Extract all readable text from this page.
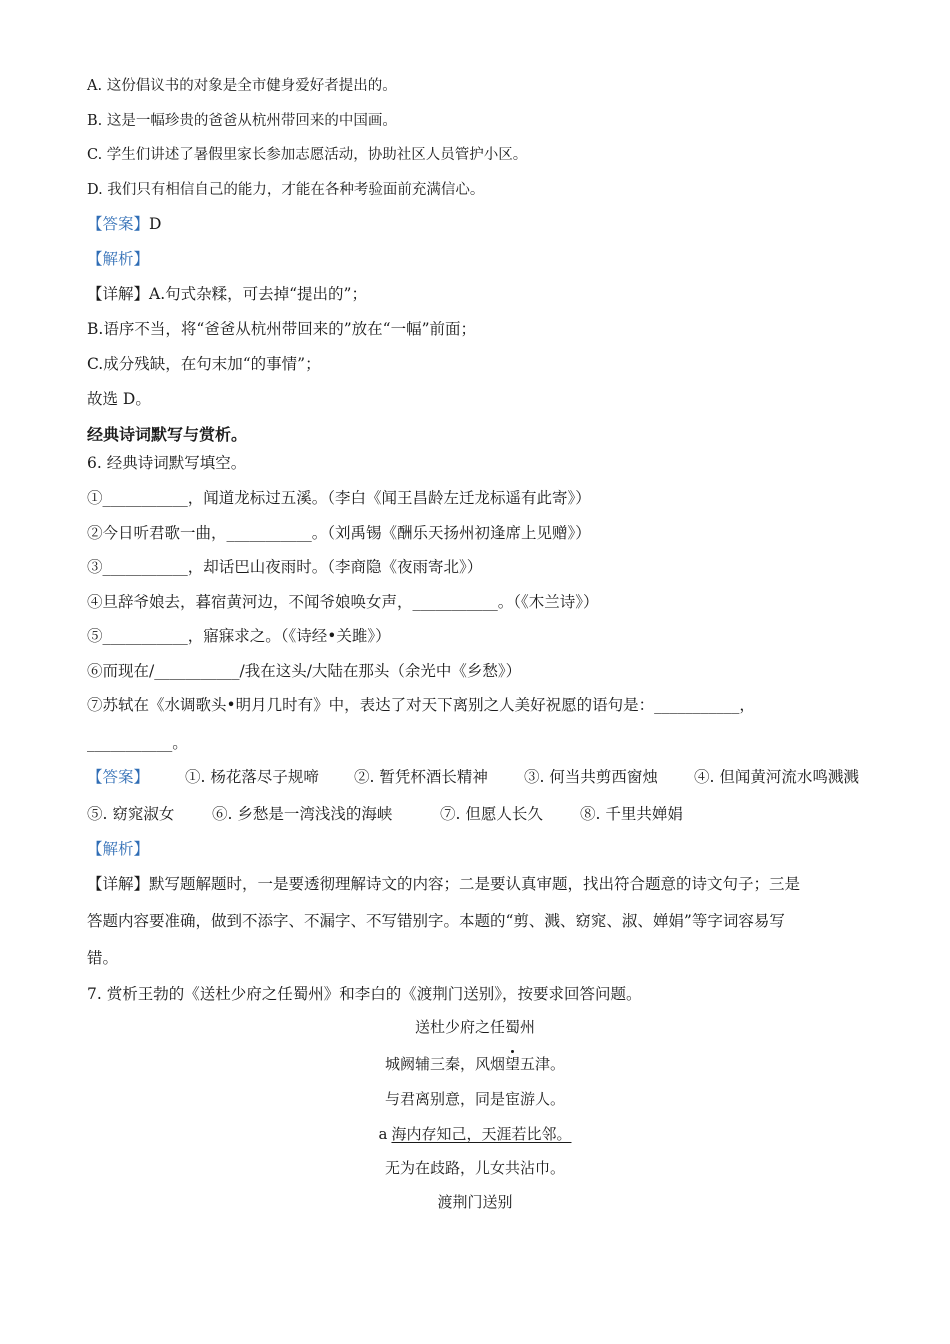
A. 这份倡议书的对象是全市健身爱好者提出的。
B. 这是一幅珍贵的爸爸从杭州带回来的中国画。
C. 学生们讲述了暑假里家长参加志愿活动，协助社区人员管护小区。
D. 我们只有相信自己的能力，才能在各种考验面前充满信心。
【答案】D
【解析】
【详解】A.句式杂糅，可去掉“提出的”；
B.语序不当，将“爸爸从杭州带回来的”放在“一幅”前面；
C.成分残缺，在句末加“的事情”；
故选 D。
经典诗词默写与赏析。
6. 经典诗词默写填空。
①___________，闻道龙标过五溪。（李白《闻王昌龄左迁龙标遥有此寄》）
②今日听君歌一曲，___________。（刘禹锡《酬乐天扬州初逢席上见赠》）
③___________，却话巴山夜雨时。（李商隐《夜雨寄北》）
④旦辞爷娘去，暮宿黄河边，不闻爷娘唤女声，___________。（《木兰诗》）
⑤___________，寤寐求之。（《诗经•关雎》）
⑥而现在/___________/我在这头/大陆在那头（余光中《乡愁》）
⑦苏轼在《水调歌头•明月几时有》中，表达了对天下离别之人美好祝愿的语句是：___________，
___________。
【答案】 ①. 杨花落尽子规啼 ②. 暂凭杯酒长精神 ③. 何当共剪西窗烛 ④. 但闻黄河流水鸣溅溅
⑤. 窈窕淑女 ⑥. 乡愁是一湾浅浅的海峡	⑦. 但愿人长久 ⑧. 千里共婵娟
【解析】
【详解】默写题解题时，一是要透彻理解诗文的内容；二是要认真审题，找出符合题意的诗文句子；三是
答题内容要准确，做到不添字、不漏字、不写错别字。本题的“剪、溅、窈窕、淑、婵娟”等字词容易写
错。
7. 赏析王勃的《送杜少府之任蜀州》和李白的《渡荆门送别》，按要求回答问题。
送杜少府之任蜀州
城阙辅三秦，风烟望五津。
与君离别意，同是宦游人。
a 海内存知己，天涯若比邻。
无为在歧路，儿女共沾巾。
渡荆门送别
